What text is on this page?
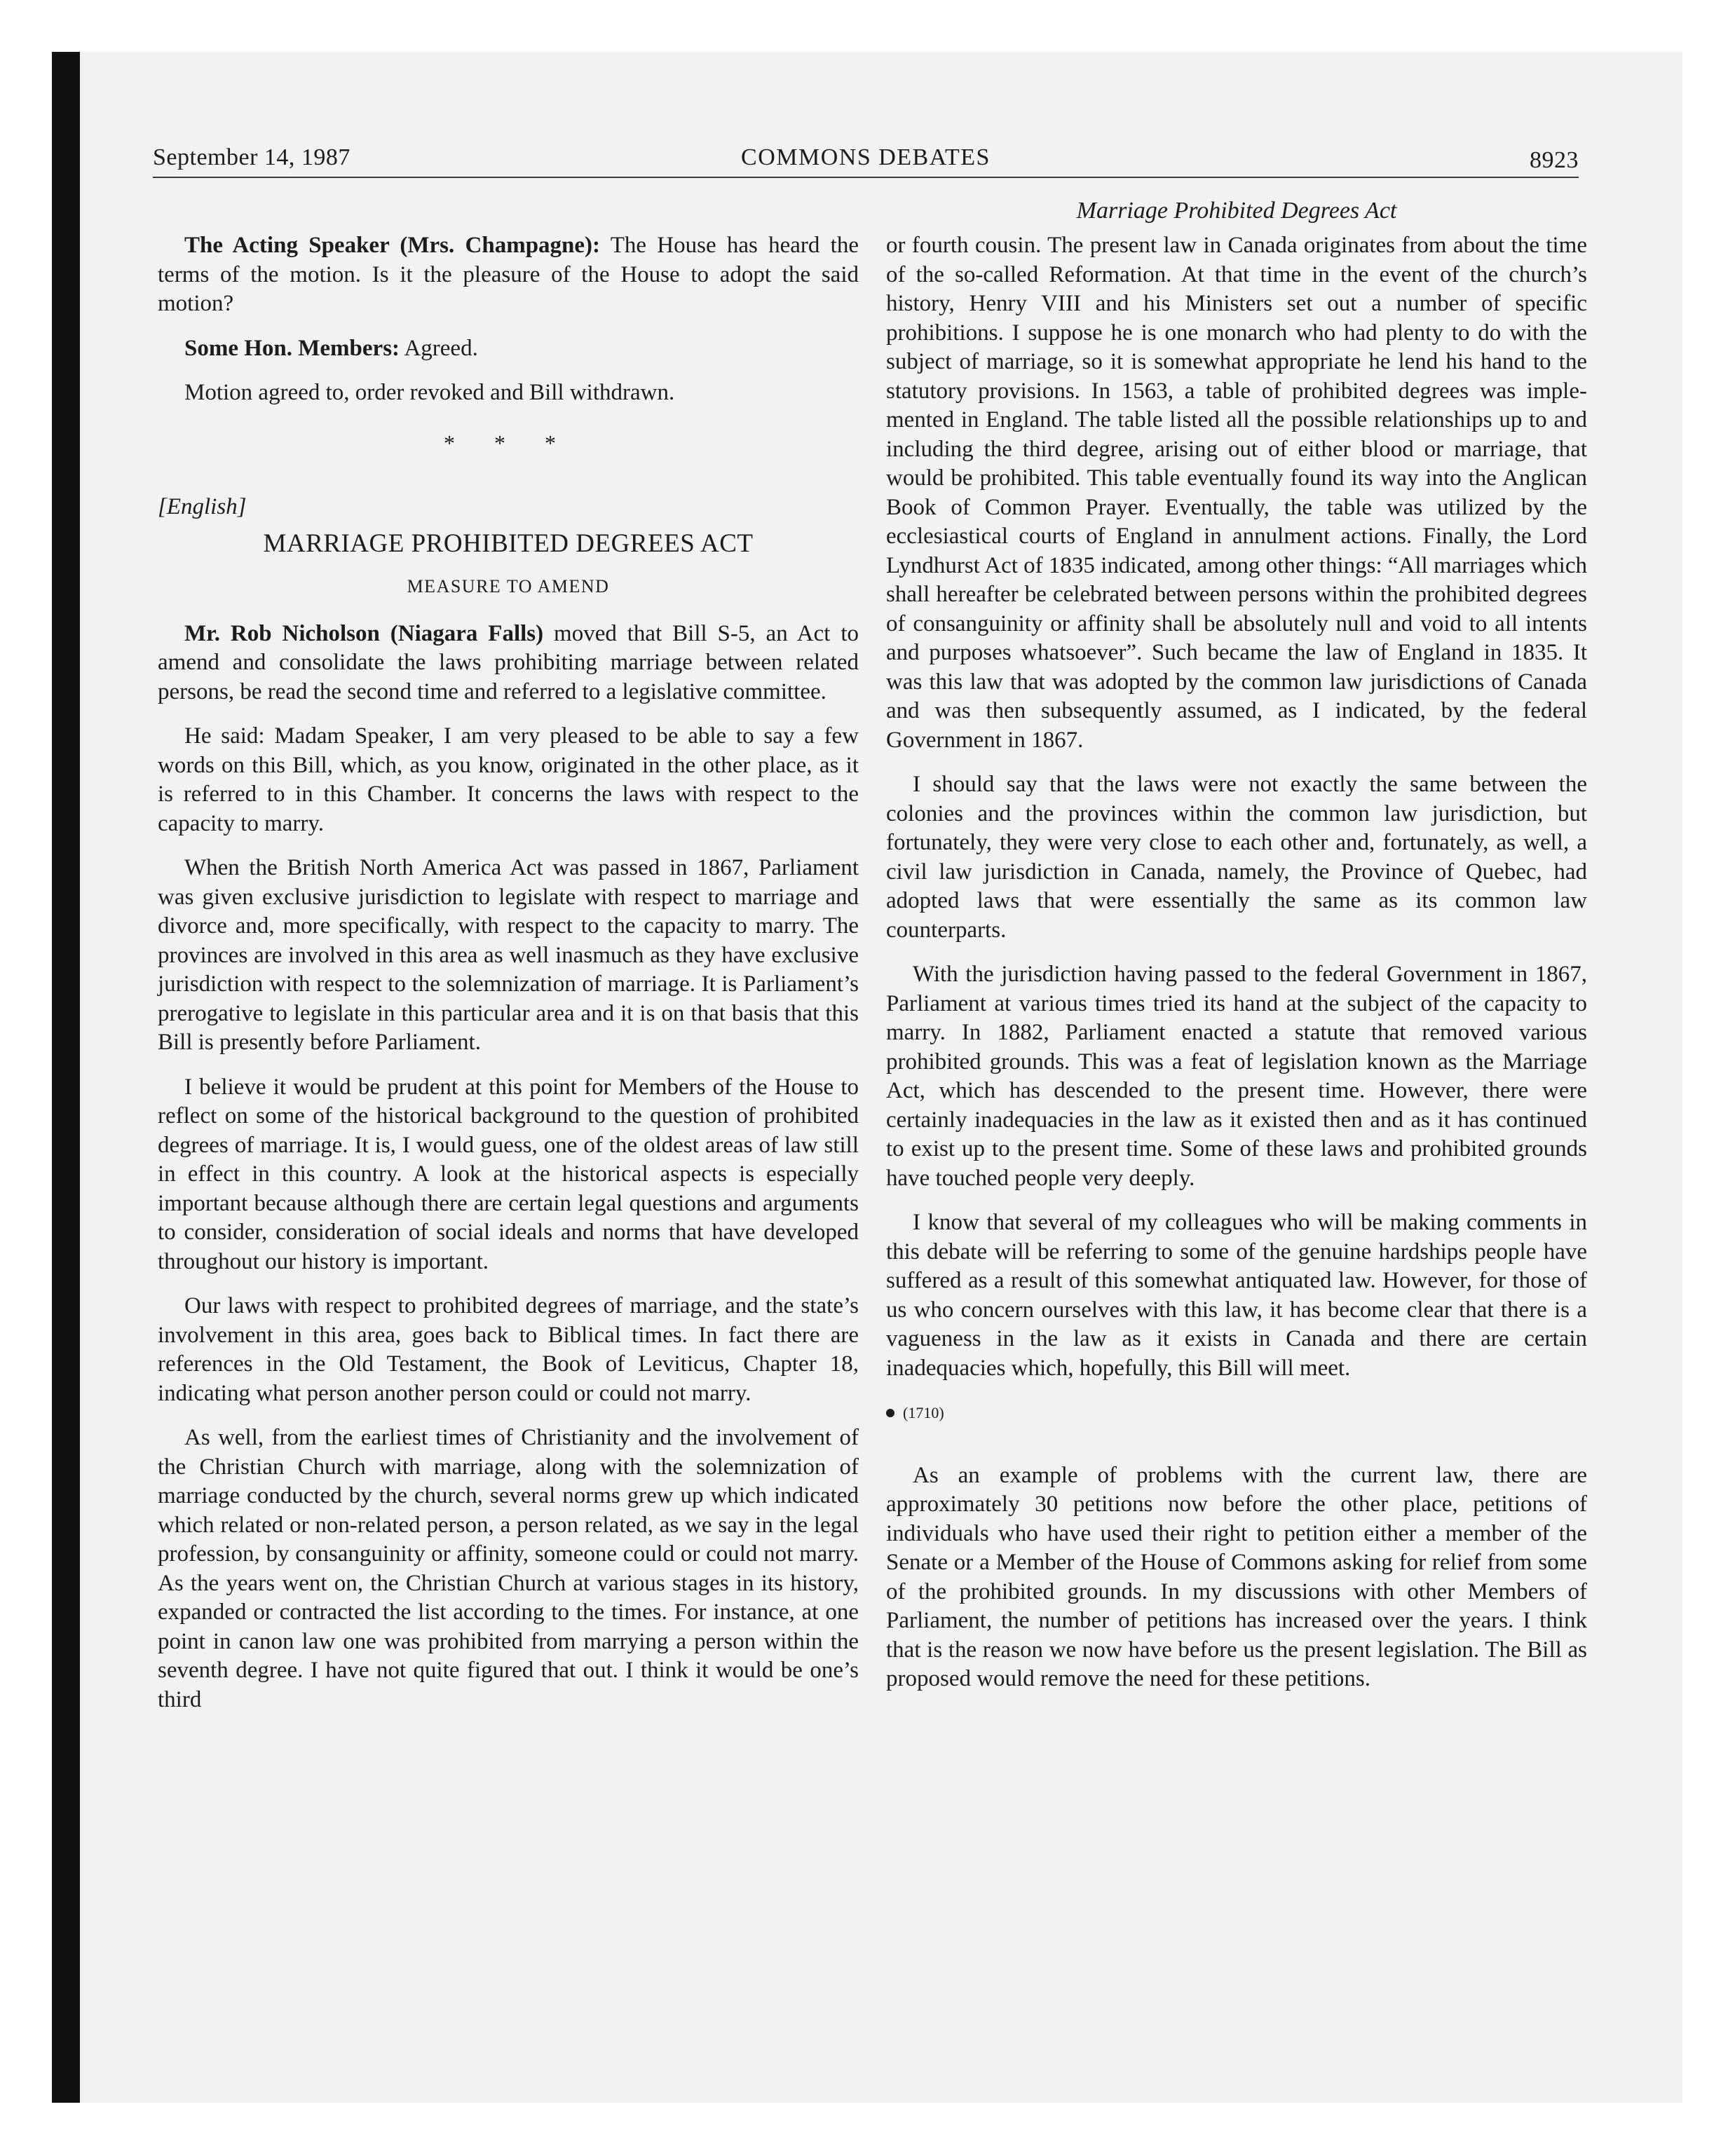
September 14, 1987	COMMONS DEBATES	8923

The Acting Speaker (Mrs. Champagne): The House has heard the terms of the motion. Is it the pleasure of the House to adopt the said motion?

Some Hon. Members: Agreed.

Motion agreed to, order revoked and Bill withdrawn.

* * *
[English]
MARRIAGE PROHIBITED DEGREES ACT
MEASURE TO AMEND

Mr. Rob Nicholson (Niagara Falls) moved that Bill S-5, an Act to amend and consolidate the laws prohibiting marriage between related persons, be read the second time and referred to a legislative committee.

He said: Madam Speaker, I am very pleased to be able to say a few words on this Bill, which, as you know, originated in the other place, as it is referred to in this Chamber. It concerns the laws with respect to the capacity to marry.

When the British North America Act was passed in 1867, Parliament was given exclusive jurisdiction to legislate with respect to marriage and divorce and, more specifically, with respect to the capacity to marry. The provinces are involved in this area as well inasmuch as they have exclusive jurisdiction with respect to the solemnization of marriage. It is Parliament’s prerogative to legislate in this particular area and it is on that basis that this Bill is presently before Parliament.

I believe it would be prudent at this point for Members of the House to reflect on some of the historical background to the question of prohibited degrees of marriage. It is, I would guess, one of the oldest areas of law still in effect in this country. A look at the historical aspects is especially important because although there are certain legal questions and arguments to consider, consideration of social ideals and norms that have developed throughout our history is important.

Our laws with respect to prohibited degrees of marriage, and the state’s involvement in this area, goes back to Biblical times. In fact there are references in the Old Testament, the Book of Leviticus, Chapter 18, indicating what person another person could or could not marry.

As well, from the earliest times of Christianity and the involvement of the Christian Church with marriage, along with the solemnization of marriage conducted by the church, several norms grew up which indicated which related or non-related person, a person related, as we say in the legal profession, by consanguinity or affinity, someone could or could not marry. As the years went on, the Christian Church at various stages in its history, expanded or contracted the list according to the times. For instance, at one point in canon law one was prohibited from marrying a person within the seventh degree. I have not quite figured that out. I think it would be one’s third

Marriage Prohibited Degrees Act

or fourth cousin. The present law in Canada originates from about the time of the so-called Reformation. At that time in the event of the church’s history, Henry VIII and his Ministers set out a number of specific prohibitions. I suppose he is one monarch who had plenty to do with the subject of marriage, so it is somewhat appropriate he lend his hand to the statutory provisions. In 1563, a table of prohibited degrees was implemented in England. The table listed all the possible relationships up to and including the third degree, arising out of either blood or marriage, that would be prohibited. This table eventually found its way into the Anglican Book of Common Prayer. Eventually, the table was utilized by the ecclesiastical courts of England in annulment actions. Finally, the Lord Lyndhurst Act of 1835 indicated, among other things: “All marriages which shall hereafter be celebrated between persons within the prohibited degrees of consanguinity or affinity shall be absolutely null and void to all intents and purposes whatsoever”. Such became the law of England in 1835. It was this law that was adopted by the common law jurisdictions of Canada and was then subsequently assumed, as I indicated, by the federal Government in 1867.

I should say that the laws were not exactly the same between the colonies and the provinces within the common law jurisdiction, but fortunately, they were very close to each other and, fortunately, as well, a civil law jurisdiction in Canada, namely, the Province of Quebec, had adopted laws that were essentially the same as its common law counterparts.

With the jurisdiction having passed to the federal Government in 1867, Parliament at various times tried its hand at the subject of the capacity to marry. In 1882, Parliament enacted a statute that removed various prohibited grounds. This was a feat of legislation known as the Marriage Act, which has descended to the present time. However, there were certainly inadequacies in the law as it existed then and as it has continued to exist up to the present time. Some of these laws and prohibited grounds have touched people very deeply.

I know that several of my colleagues who will be making comments in this debate will be referring to some of the genuine hardships people have suffered as a result of this somewhat antiquated law. However, for those of us who concern ourselves with this law, it has become clear that there is a vagueness in the law as it exists in Canada and there are certain inadequacies which, hopefully, this Bill will meet.

(1710)

As an example of problems with the current law, there are approximately 30 petitions now before the other place, petitions of individuals who have used their right to petition either a member of the Senate or a Member of the House of Commons asking for relief from some of the prohibited grounds. In my discussions with other Members of Parliament, the number of petitions has increased over the years. I think that is the reason we now have before us the present legislation. The Bill as proposed would remove the need for these petitions.
